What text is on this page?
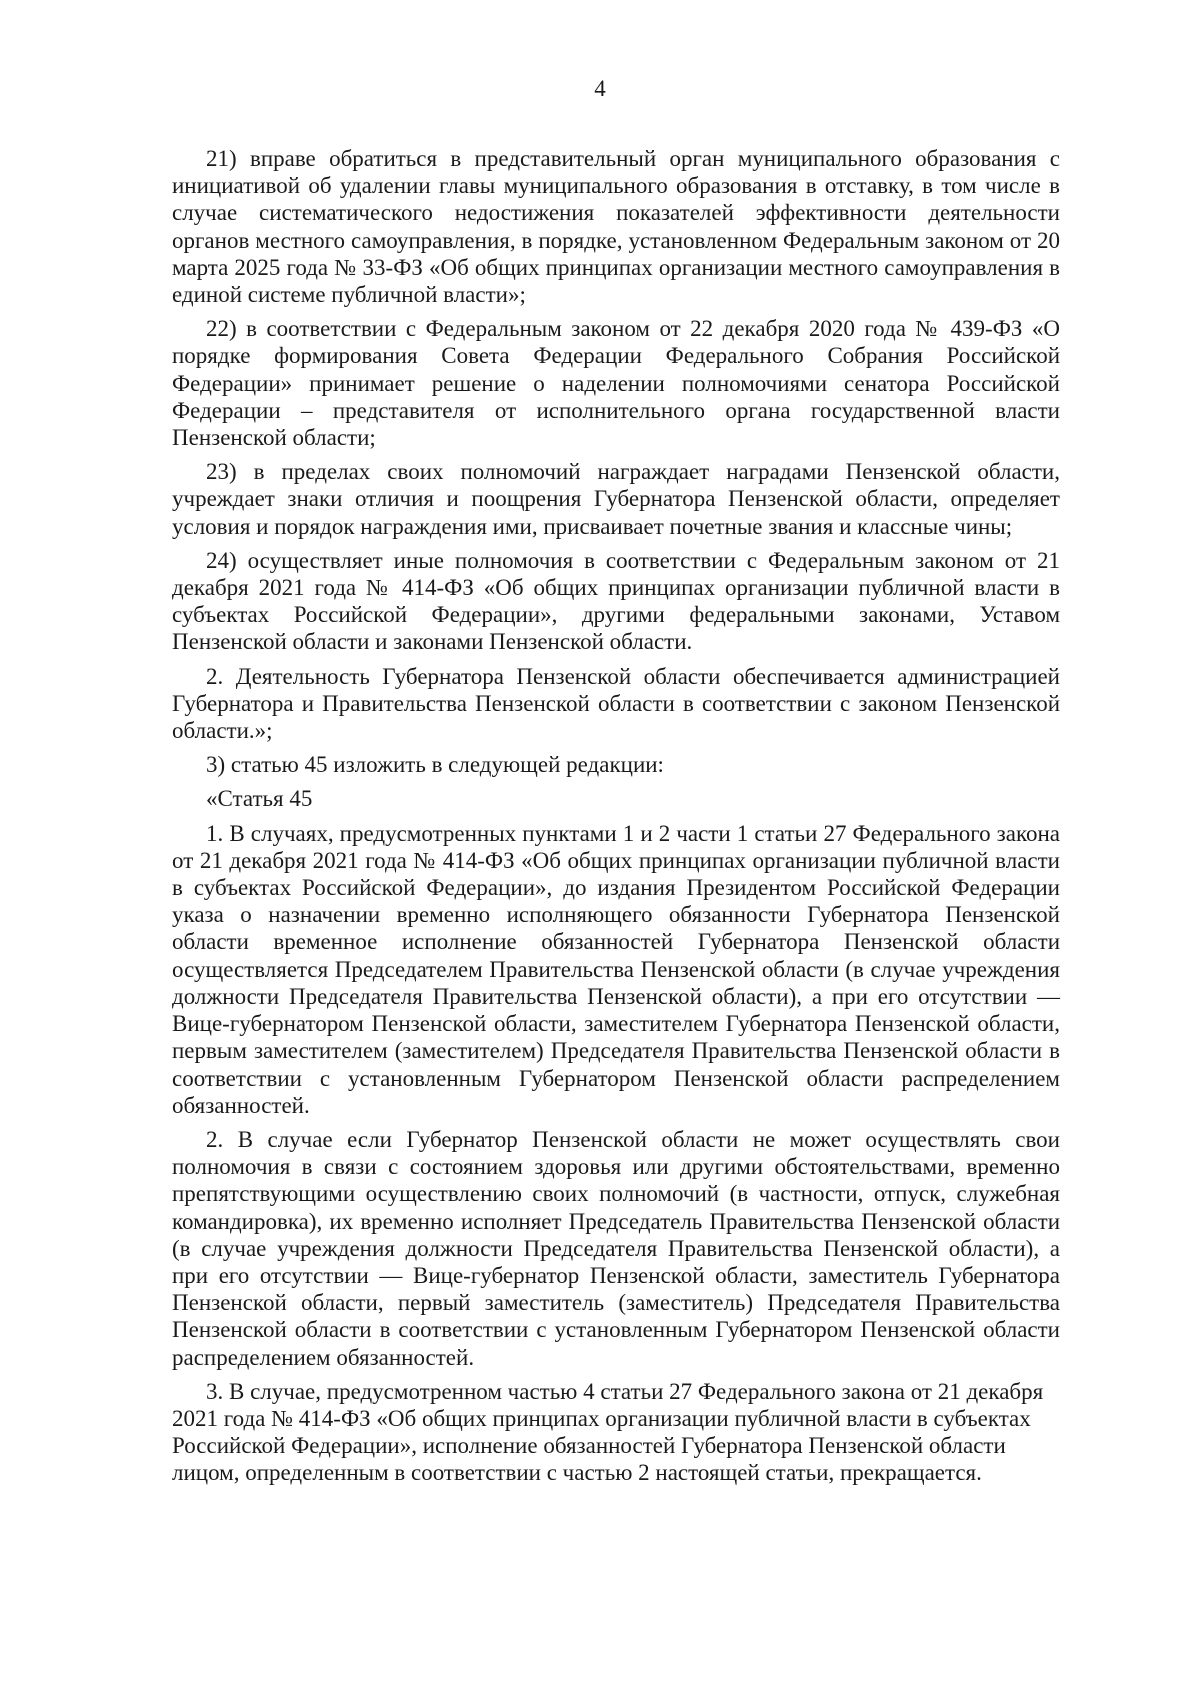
4

21) вправе обратиться в представительный орган муниципального образования с инициативой об удалении главы муниципального образования в отставку, в том числе в случае систематического недостижения показателей эффективности деятельности органов местного самоуправления, в порядке, установленном Федеральным законом от 20 марта 2025 года № 33-ФЗ «Об общих принципах организации местного самоуправления в единой системе публичной власти»;

22) в соответствии с Федеральным законом от 22 декабря 2020 года № 439-ФЗ «О порядке формирования Совета Федерации Федерального Собрания Российской Федерации» принимает решение о наделении полномочиями сенатора Российской Федерации – представителя от исполнительного органа государственной власти Пензенской области;

23) в пределах своих полномочий награждает наградами Пензенской области, учреждает знаки отличия и поощрения Губернатора Пензенской области, определяет условия и порядок награждения ими, присваивает почетные звания и классные чины;

24) осуществляет иные полномочия в соответствии с Федеральным законом от 21 декабря 2021 года № 414-ФЗ «Об общих принципах организации публичной власти в субъектах Российской Федерации», другими федеральными законами, Уставом Пензенской области и законами Пензенской области.

2. Деятельность Губернатора Пензенской области обеспечивается администрацией Губернатора и Правительства Пензенской области в соответствии с законом Пензенской области.»;

3) статью 45 изложить в следующей редакции:

«Статья 45

1. В случаях, предусмотренных пунктами 1 и 2 части 1 статьи 27 Федерального закона от 21 декабря 2021 года № 414-ФЗ «Об общих принципах организации публичной власти в субъектах Российской Федерации», до издания Президентом Российской Федерации указа о назначении временно исполняющего обязанности Губернатора Пензенской области временное исполнение обязанностей Губернатора Пензенской области осуществляется Председателем Правительства Пензенской области (в случае учреждения должности Председателя Правительства Пензенской области), а при его отсутствии — Вице-губернатором Пензенской области, заместителем Губернатора Пензенской области, первым заместителем (заместителем) Председателя Правительства Пензенской области в соответствии с установленным Губернатором Пензенской области распределением обязанностей.

2. В случае если Губернатор Пензенской области не может осуществлять свои полномочия в связи с состоянием здоровья или другими обстоятельствами, временно препятствующими осуществлению своих полномочий (в частности, отпуск, служебная командировка), их временно исполняет Председатель Правительства Пензенской области (в случае учреждения должности Председателя Правительства Пензенской области), а при его отсутствии — Вице-губернатор Пензенской области, заместитель Губернатора Пензенской области, первый заместитель (заместитель) Председателя Правительства Пензенской области в соответствии с установленным Губернатором Пензенской области распределением обязанностей.

3. В случае, предусмотренном частью 4 статьи 27 Федерального закона от 21 декабря 2021 года № 414-ФЗ «Об общих принципах организации публичной власти в субъектах Российской Федерации», исполнение обязанностей Губернатора Пензенской области лицом, определенным в соответствии с частью 2 настоящей статьи, прекращается.
